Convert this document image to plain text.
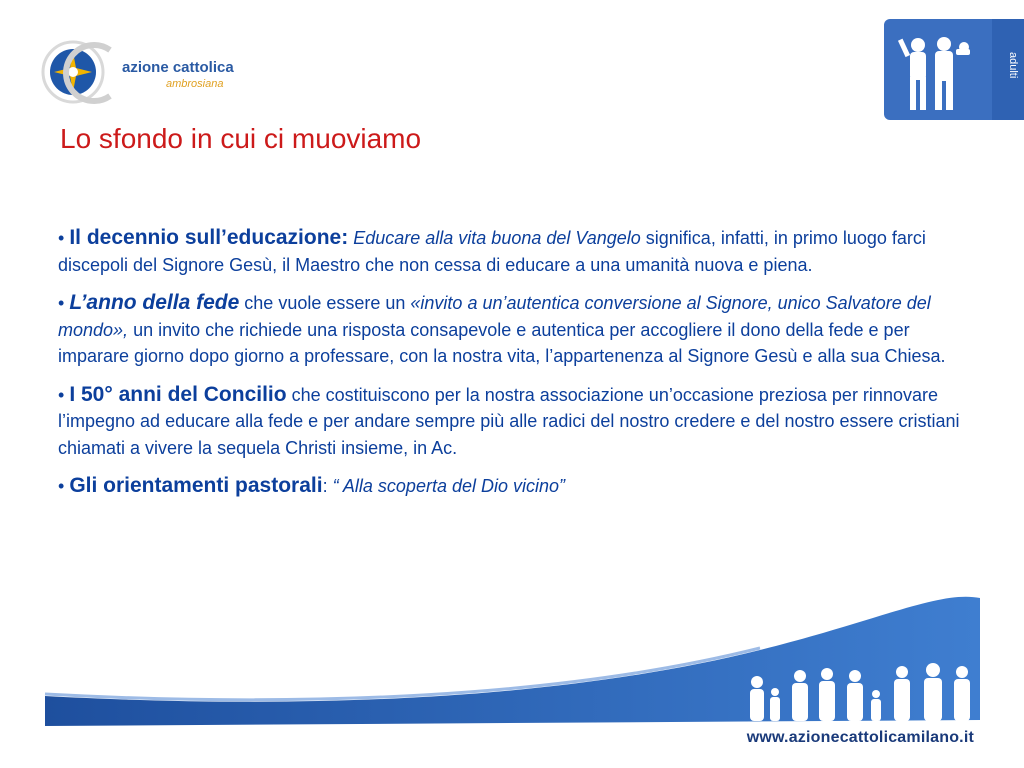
azione cattolica
ambrosiana
adulti
Lo sfondo in cui ci muoviamo

• Il decennio sull’educazione: Educare alla vita buona del Vangelo significa, infatti, in primo luogo farci discepoli del Signore Gesù, il Maestro che non cessa di educare a una umanità nuova e piena.

• L’anno della fede che vuole essere un «invito a un’autentica conversione al Signore, unico Salvatore del mondo», un invito che richiede una risposta consapevole e autentica per accogliere il dono della fede e per imparare giorno dopo giorno a professare, con la nostra vita, l’appartenenza al Signore Gesù e alla sua Chiesa.

• I 50° anni del Concilio che costituiscono per la nostra associazione un’occasione preziosa per rinnovare l’impegno ad educare alla fede e per andare sempre più alle radici del nostro credere e del nostro essere cristiani chiamati a vivere la sequela Christi insieme, in Ac.

• Gli orientamenti pastorali: “ Alla scoperta del Dio vicino”

www.azionecattolicamilano.it
